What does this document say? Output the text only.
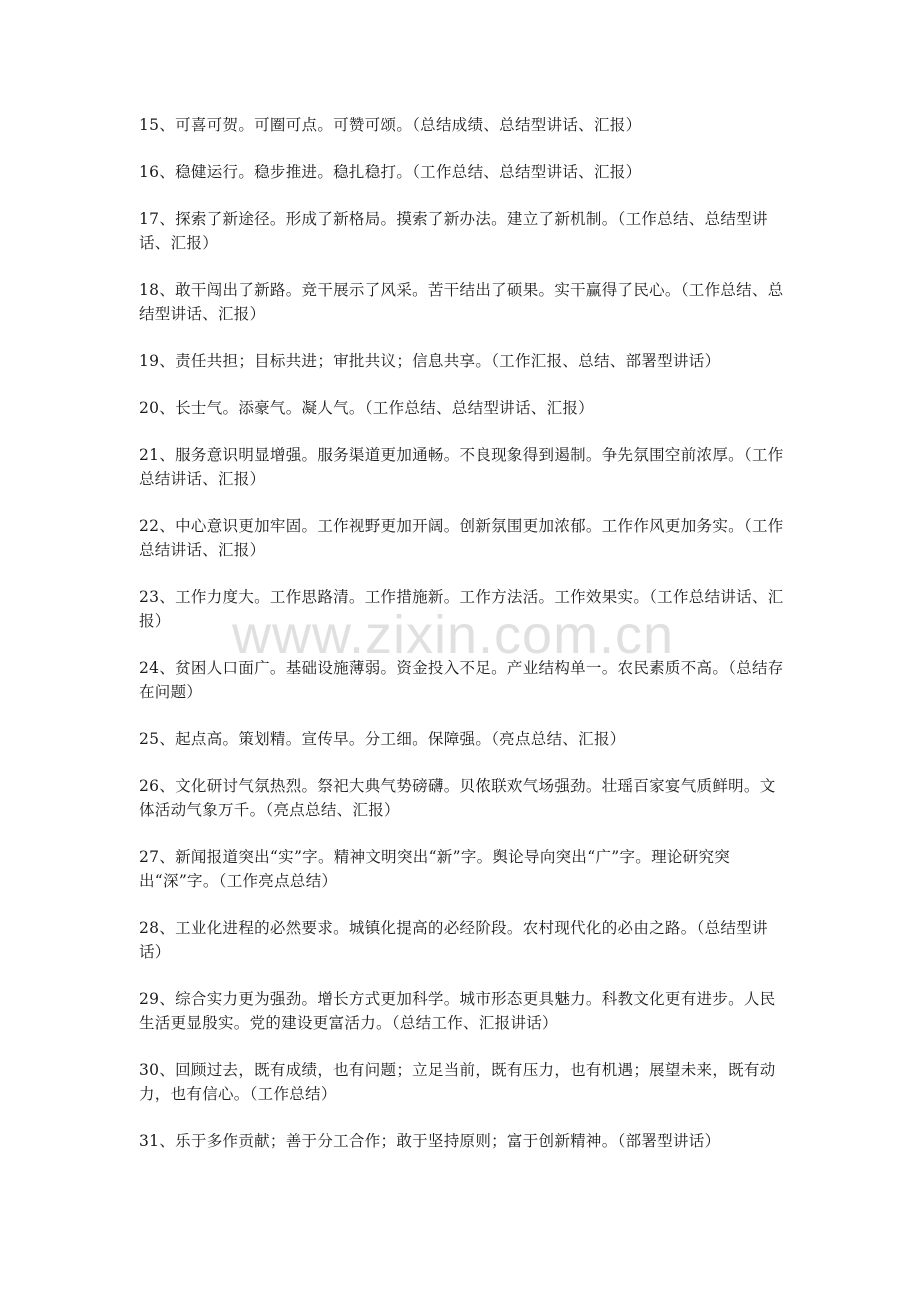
15、可喜可贺。可圈可点。可赞可颂。（总结成绩、总结型讲话、汇报）

16、稳健运行。稳步推进。稳扎稳打。（工作总结、总结型讲话、汇报）

17、探索了新途径。形成了新格局。摸索了新办法。建立了新机制。（工作总结、总结型讲话、汇报）

18、敢干闯出了新路。竞干展示了风采。苦干结出了硕果。实干赢得了民心。（工作总结、总结型讲话、汇报）

19、责任共担；目标共进；审批共议；信息共享。（工作汇报、总结、部署型讲话）

20、长士气。添豪气。凝人气。（工作总结、总结型讲话、汇报）

21、服务意识明显增强。服务渠道更加通畅。不良现象得到遏制。争先氛围空前浓厚。（工作总结讲话、汇报）

22、中心意识更加牢固。工作视野更加开阔。创新氛围更加浓郁。工作作风更加务实。（工作总结讲话、汇报）

23、工作力度大。工作思路清。工作措施新。工作方法活。工作效果实。（工作总结讲话、汇报）

24、贫困人口面广。基础设施薄弱。资金投入不足。产业结构单一。农民素质不高。（总结存在问题）

25、起点高。策划精。宣传早。分工细。保障强。（亮点总结、汇报）

26、文化研讨气氛热烈。祭祀大典气势磅礴。贝侬联欢气场强劲。壮瑶百家宴气质鲜明。文体活动气象万千。（亮点总结、汇报）

27、新闻报道突出“实”字。精神文明突出“新”字。舆论导向突出“广”字。理论研究突出“深”字。（工作亮点总结）

28、工业化进程的必然要求。城镇化提高的必经阶段。农村现代化的必由之路。（总结型讲话）

29、综合实力更为强劲。增长方式更加科学。城市形态更具魅力。科教文化更有进步。人民生活更显殷实。党的建设更富活力。（总结工作、汇报讲话）

30、回顾过去，既有成绩，也有问题；立足当前，既有压力，也有机遇；展望未来，既有动力，也有信心。（工作总结）

31、乐于多作贡献；善于分工合作；敢于坚持原则；富于创新精神。（部署型讲话）

www.zixin.com.cn
